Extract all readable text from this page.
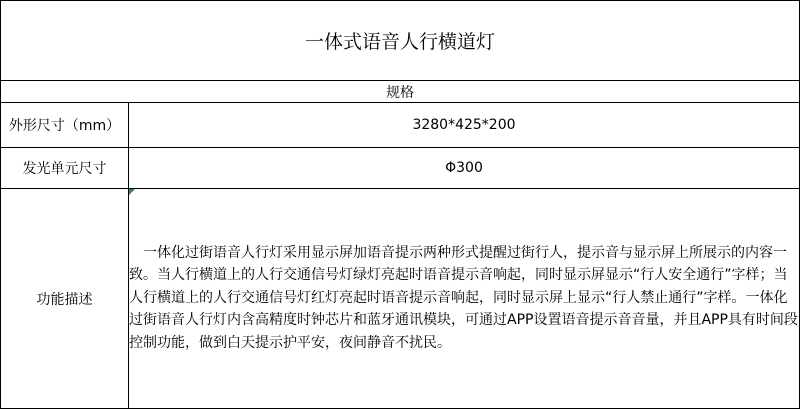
一体式语音人行横道灯	
规格	
外形尺寸（mm）	3280*425*200
发光单元尺寸	Φ300
功能描述	一体化过街语音人行灯采用显示屏加语音提示两种形式提醒过街行人，提示音与显示屏上所展示的内容一致。当人行横道上的人行交通信号灯绿灯亮起时语音提示音响起，同时显示屏显示“行人安全通行”字样；当人行横道上的人行交通信号灯红灯亮起时语音提示音响起，同时显示屏上显示“行人禁止通行”字样。一体化过街语音人行灯内含高精度时钟芯片和蓝牙通讯模块，可通过APP设置语音提示音音量，并且APP具有时间段控制功能，做到白天提示护平安，夜间静音不扰民。
